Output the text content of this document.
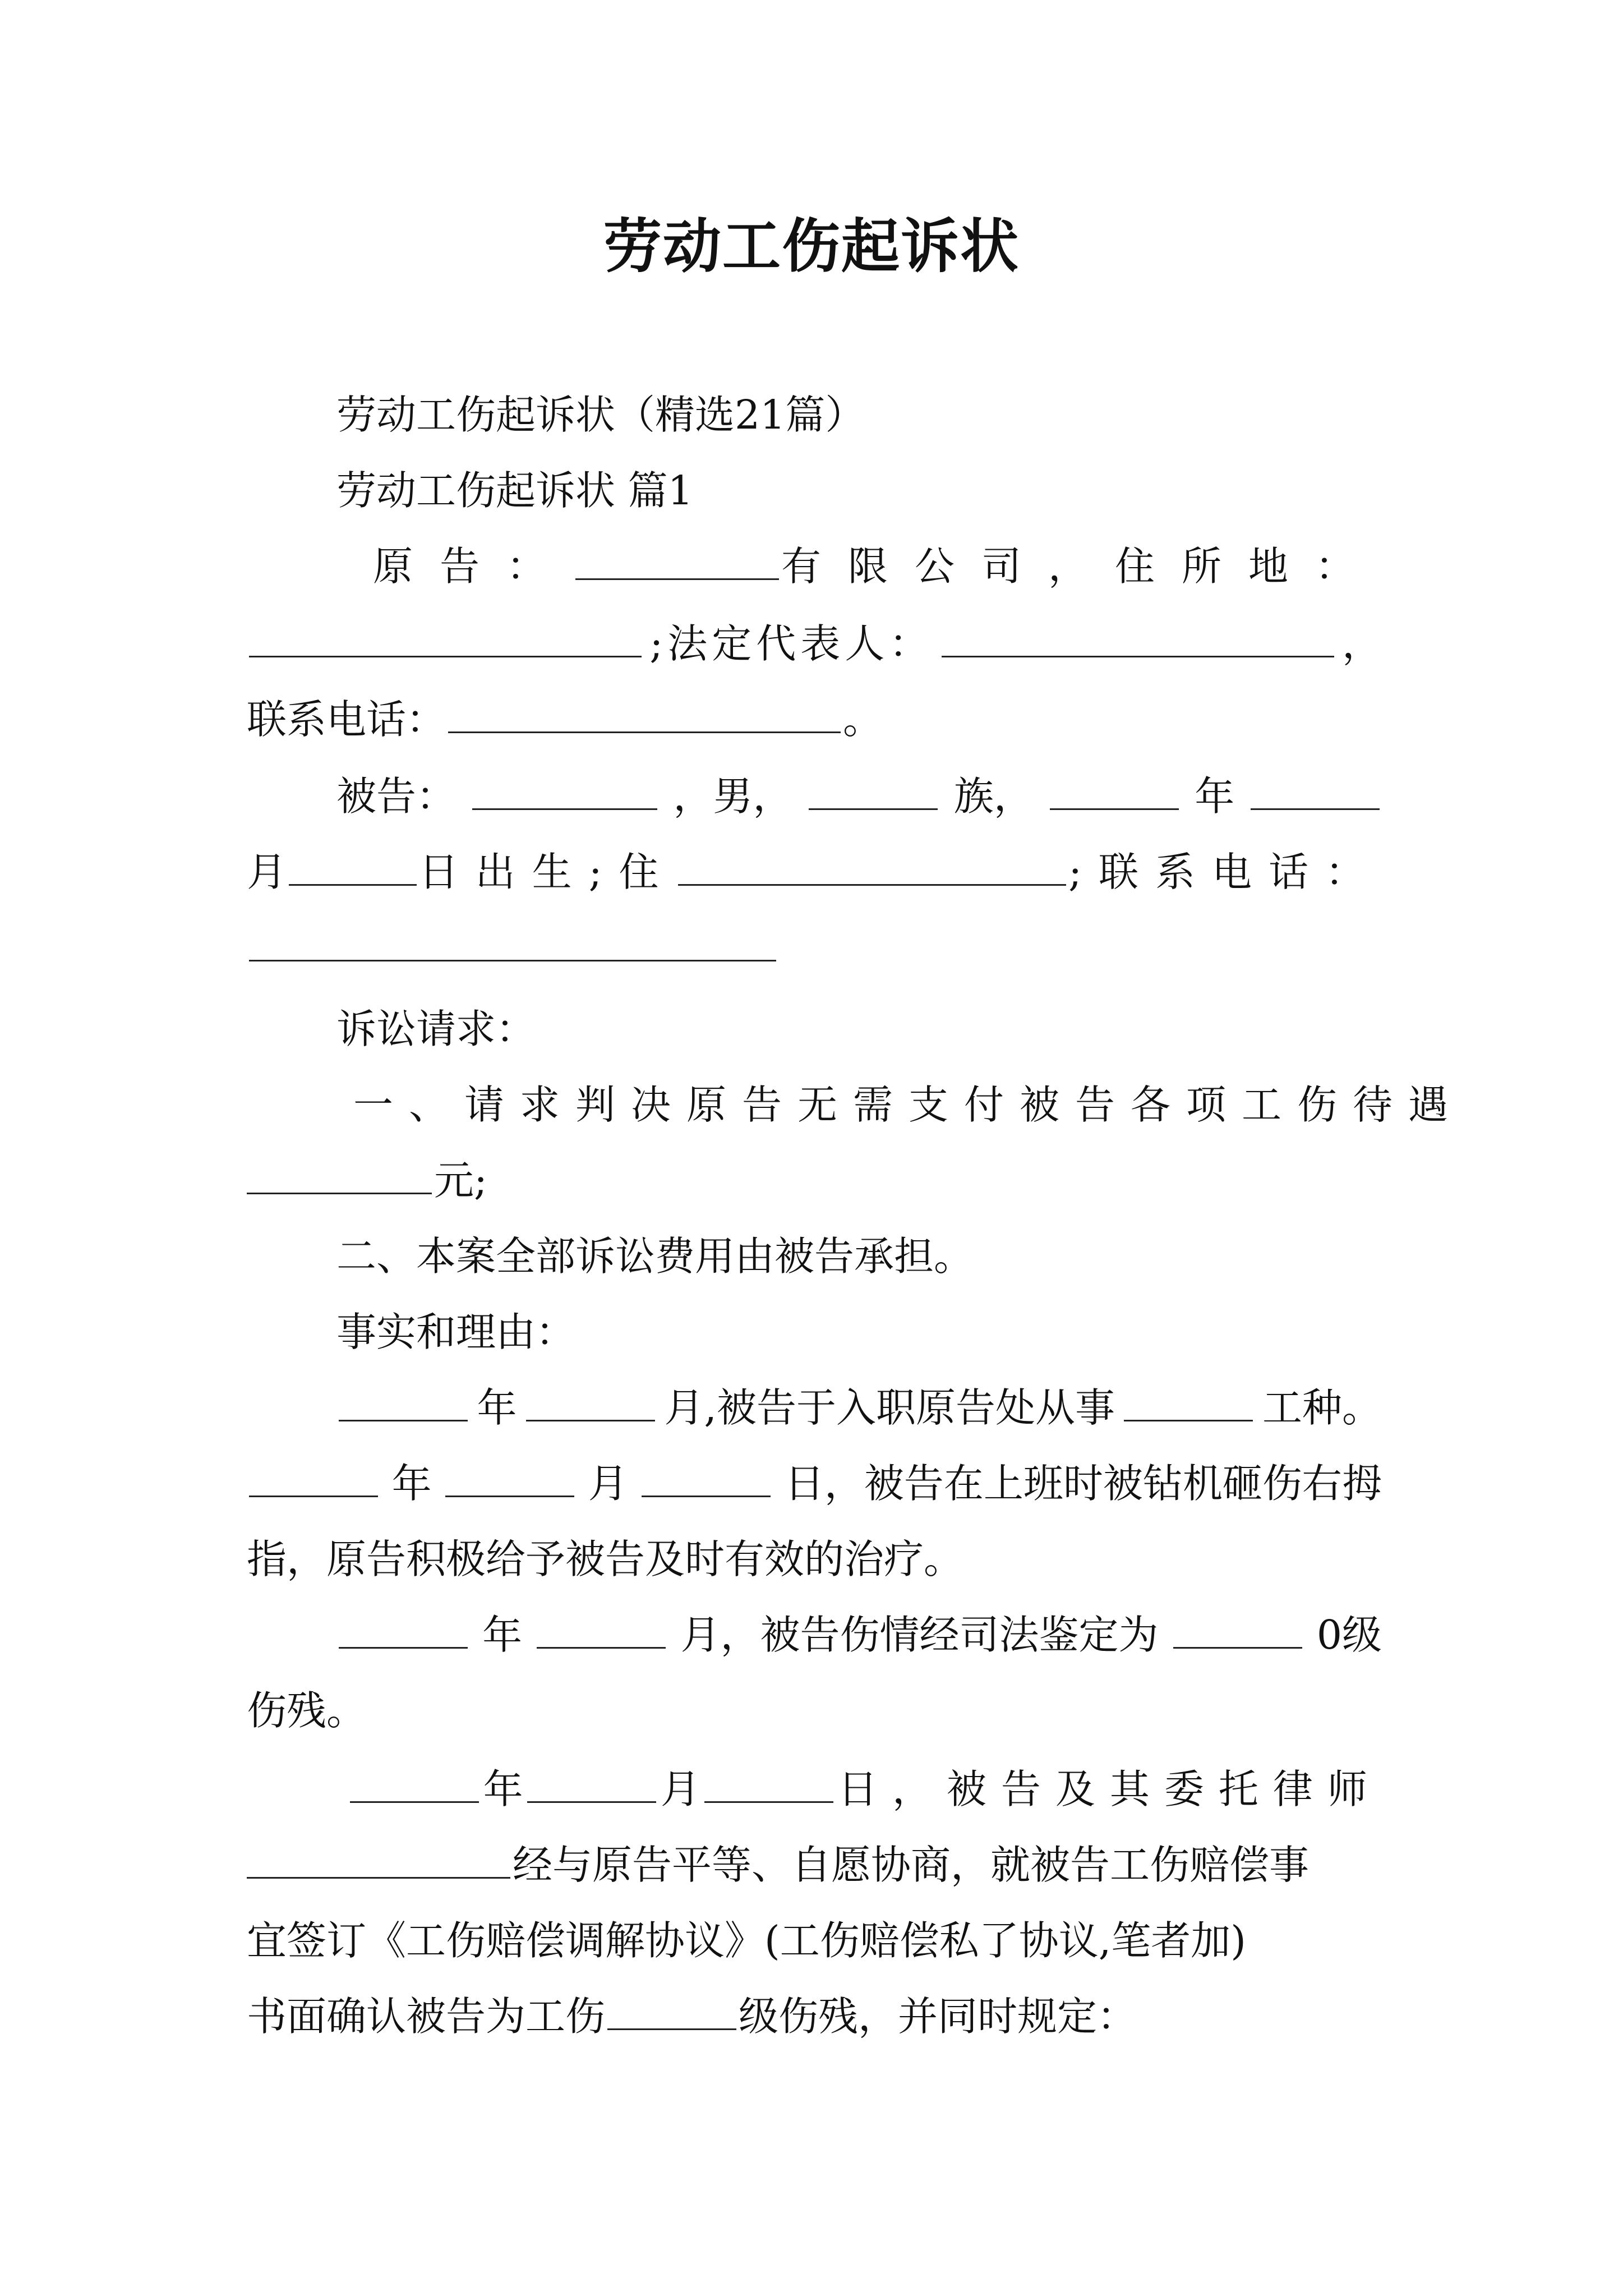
劳动工伤起诉状
劳动工伤起诉状（精选21篇）
劳动工伤起诉状 篇1
原告：	有限公司， 住所地：
;法定代表人：	，
联系电话：	。
被告：	，男，	族，	年
月	日出生;住	;联系电话：
诉讼请求：
一、请求判决原告无需支付被告各项工伤待遇
元;
二、本案全部诉讼费用由被告承担。
事实和理由：
年	月,被告于入职原告处从事	工种。
年	月	日，被告在上班时被钻机砸伤右拇
指，原告积极给予被告及时有效的治疗。
年	月，被告伤情经司法鉴定为	0级
伤残。
年	月	日，被告及其委托律师
经与原告平等、自愿协商，就被告工伤赔偿事
宜签订《工伤赔偿调解协议》(工伤赔偿私了协议,笔者加)
书面确认被告为工伤	级伤残，并同时规定：
